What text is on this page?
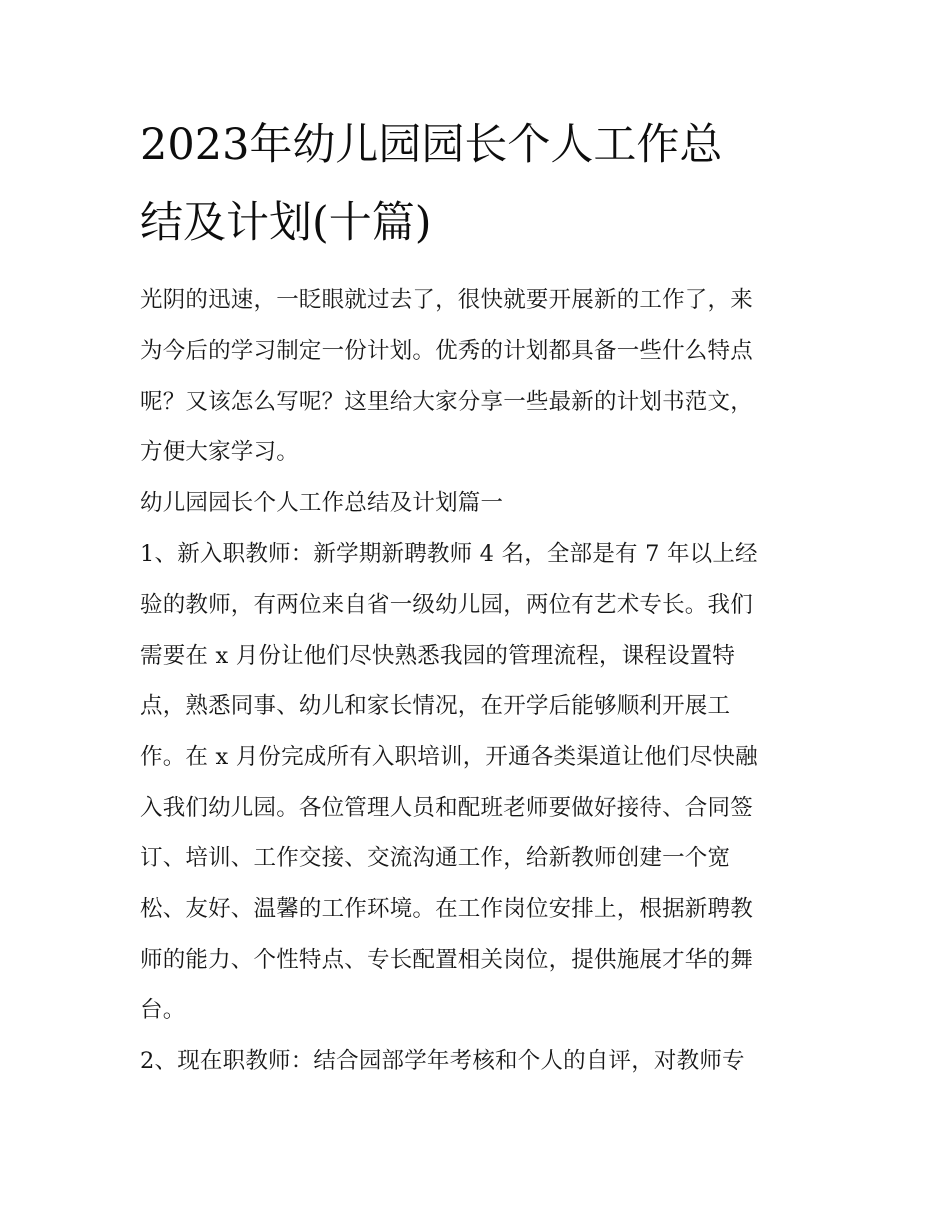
2023年幼儿园园长个人工作总
结及计划(十篇)
光阴的迅速，一眨眼就过去了，很快就要开展新的工作了，来
为今后的学习制定一份计划。优秀的计划都具备一些什么特点
呢？又该怎么写呢？这里给大家分享一些最新的计划书范文，
方便大家学习。
幼儿园园长个人工作总结及计划篇一
1、新入职教师：新学期新聘教师 4 名，全部是有 7 年以上经
验的教师，有两位来自省一级幼儿园，两位有艺术专长。我们
需要在 x 月份让他们尽快熟悉我园的管理流程，课程设置特
点，熟悉同事、幼儿和家长情况，在开学后能够顺利开展工
作。在 x 月份完成所有入职培训，开通各类渠道让他们尽快融
入我们幼儿园。各位管理人员和配班老师要做好接待、合同签
订、培训、工作交接、交流沟通工作，给新教师创建一个宽
松、友好、温馨的工作环境。在工作岗位安排上，根据新聘教
师的能力、个性特点、专长配置相关岗位，提供施展才华的舞
台。
2、现在职教师：结合园部学年考核和个人的自评，对教师专
